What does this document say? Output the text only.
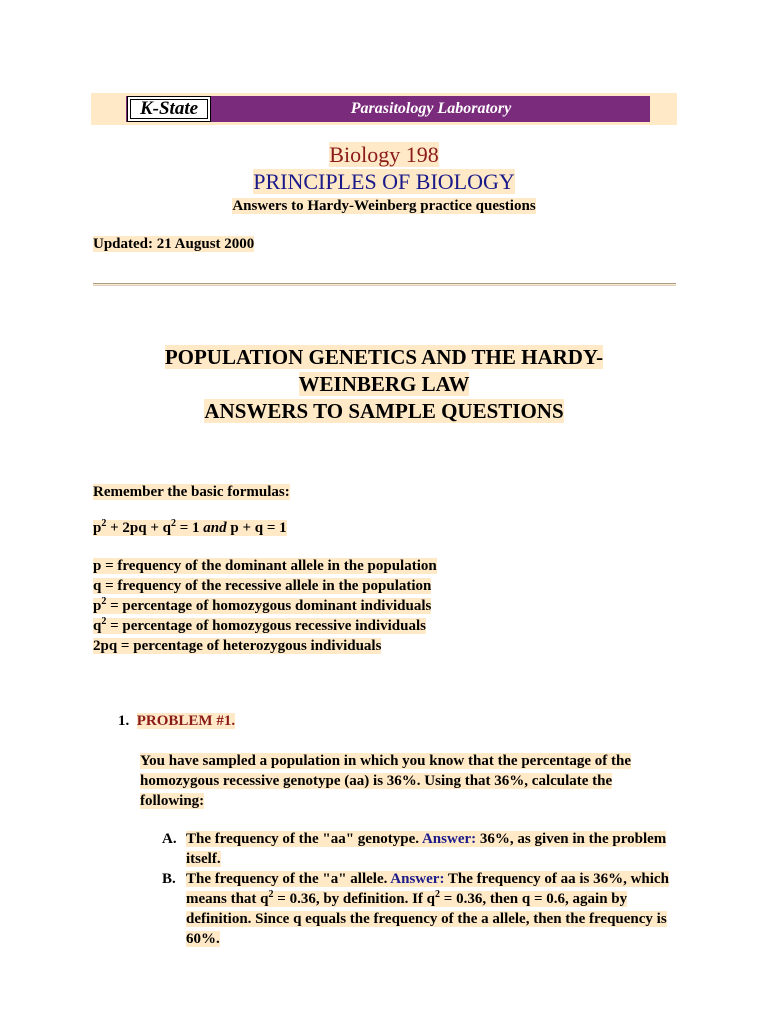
K-State	Parasitology Laboratory
Biology 198
PRINCIPLES OF BIOLOGY
Answers to Hardy-Weinberg practice questions
Updated: 21 August 2000
POPULATION GENETICS AND THE HARDY-
WEINBERG LAW
ANSWERS TO SAMPLE QUESTIONS
Remember the basic formulas:
$p^2 + 2pq + q^2 = 1$ and p + q = 1
p = frequency of the dominant allele in the population
q = frequency of the recessive allele in the population
$p^2$ = percentage of homozygous dominant individuals
$q^2$ = percentage of homozygous recessive individuals
2pq = percentage of heterozygous individuals
1. PROBLEM #1.
You have sampled a population in which you know that the percentage of the homozygous recessive genotype (aa) is 36%. Using that 36%, calculate the following:
A. The frequency of the "aa" genotype. Answer: 36%, as given in the problem itself.
B. The frequency of the "a" allele. Answer: The frequency of aa is 36%, which means that $q^2 = 0.36$, by definition. If $q^2 = 0.36$, then q = 0.6, again by definition. Since q equals the frequency of the a allele, then the frequency is 60%.
